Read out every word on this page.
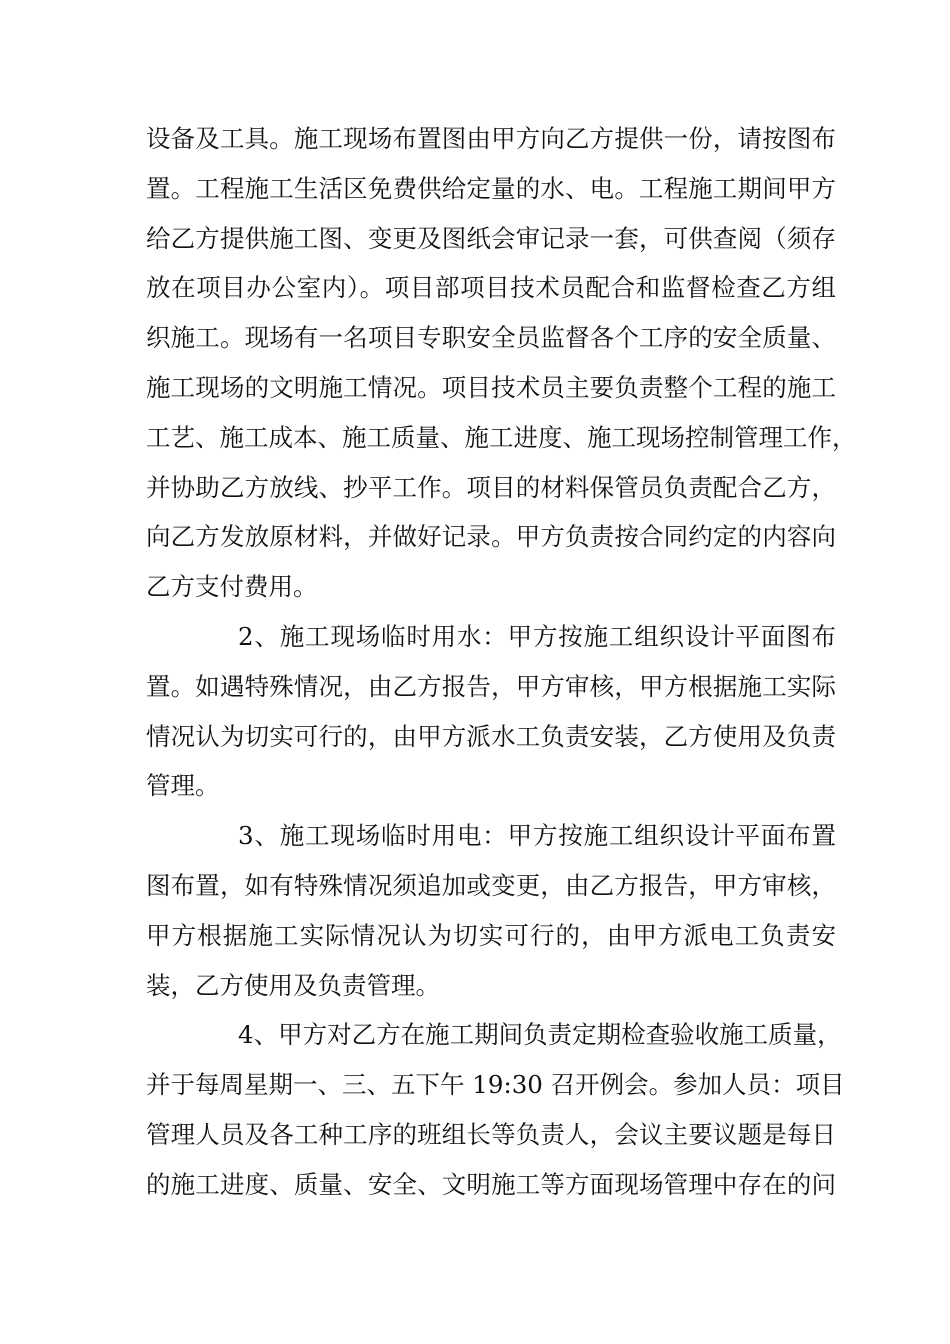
设备及工具。施工现场布置图由甲方向乙方提供一份，请按图布
置。工程施工生活区免费供给定量的水、电。工程施工期间甲方
给乙方提供施工图、变更及图纸会审记录一套，可供查阅（须存
放在项目办公室内）。项目部项目技术员配合和监督检查乙方组
织施工。现场有一名项目专职安全员监督各个工序的安全质量、
施工现场的文明施工情况。项目技术员主要负责整个工程的施工
工艺、施工成本、施工质量、施工进度、施工现场控制管理工作，
并协助乙方放线、抄平工作。项目的材料保管员负责配合乙方，
向乙方发放原材料，并做好记录。甲方负责按合同约定的内容向
乙方支付费用。
2、施工现场临时用水：甲方按施工组织设计平面图布
置。如遇特殊情况，由乙方报告，甲方审核，甲方根据施工实际
情况认为切实可行的，由甲方派水工负责安装，乙方使用及负责
管理。
3、施工现场临时用电：甲方按施工组织设计平面布置
图布置，如有特殊情况须追加或变更，由乙方报告，甲方审核，
甲方根据施工实际情况认为切实可行的，由甲方派电工负责安
装，乙方使用及负责管理。
4、甲方对乙方在施工期间负责定期检查验收施工质量，
并于每周星期一、三、五下午 19:30 召开例会。参加人员：项目
管理人员及各工种工序的班组长等负责人，会议主要议题是每日
的施工进度、质量、安全、文明施工等方面现场管理中存在的问
